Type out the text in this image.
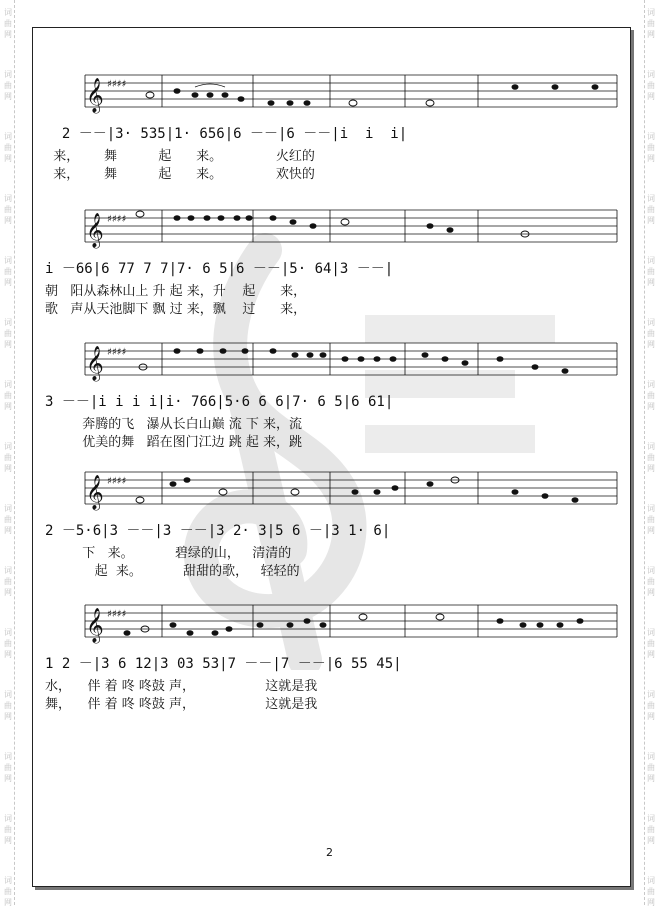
词
曲
网
词
曲
网
词
曲
网
词
曲
网
词
曲
网
词
曲
网
词
曲
网
词
曲
网
词
曲
网
词
曲
网
词
曲
网
词
曲
网
词
曲
网
词
曲
网
词
曲
网
词
曲
网
词
曲
网
词
曲
网
词
曲
网
词
曲
网
词
曲
网
词
曲
网
词
曲
网
词
曲
网
词
曲
网
词
曲
网
词
曲
网
词
曲
网
词
曲
网
词
曲
网
𝄞 ♯♯♯♯
2 －－|3· 535|1· 656|6 －－|6 －－|i  i  i|
来，      舞          起      来。             火红的
来，      舞          起      来。             欢快的
𝄞 ♯♯♯♯
i －66|6 77 7 7|7· 6 5|6 －－|5· 64|3 －－|
朝   阳从森林山上 升 起 来，升    起      来，
歌   声从天池脚下 飘 过 来，飘    过      来，
𝄞 ♯♯♯♯
3 －－|i i i i|i· 766|5·6 6 6|7· 6 5|6 61|
奔腾的飞   瀑从长白山巅 流 下 来，流
优美的舞   蹈在图门江边 跳 起 来，跳
𝄞 ♯♯♯♯
2 －5·6|3 －－|3 －－|3 2· 3|5 6 －|3 1· 6|
下   来。          碧绿的山，   清清的
起  来。          甜甜的歌，   轻轻的
𝄞 ♯♯♯♯
1 2 －|3 6 12|3 03 53|7 －－|7 －－|6 55 45|
水，    伴 着 咚 咚鼓 声，                 这就是我
舞，    伴 着 咚 咚鼓 声，                 这就是我
2
